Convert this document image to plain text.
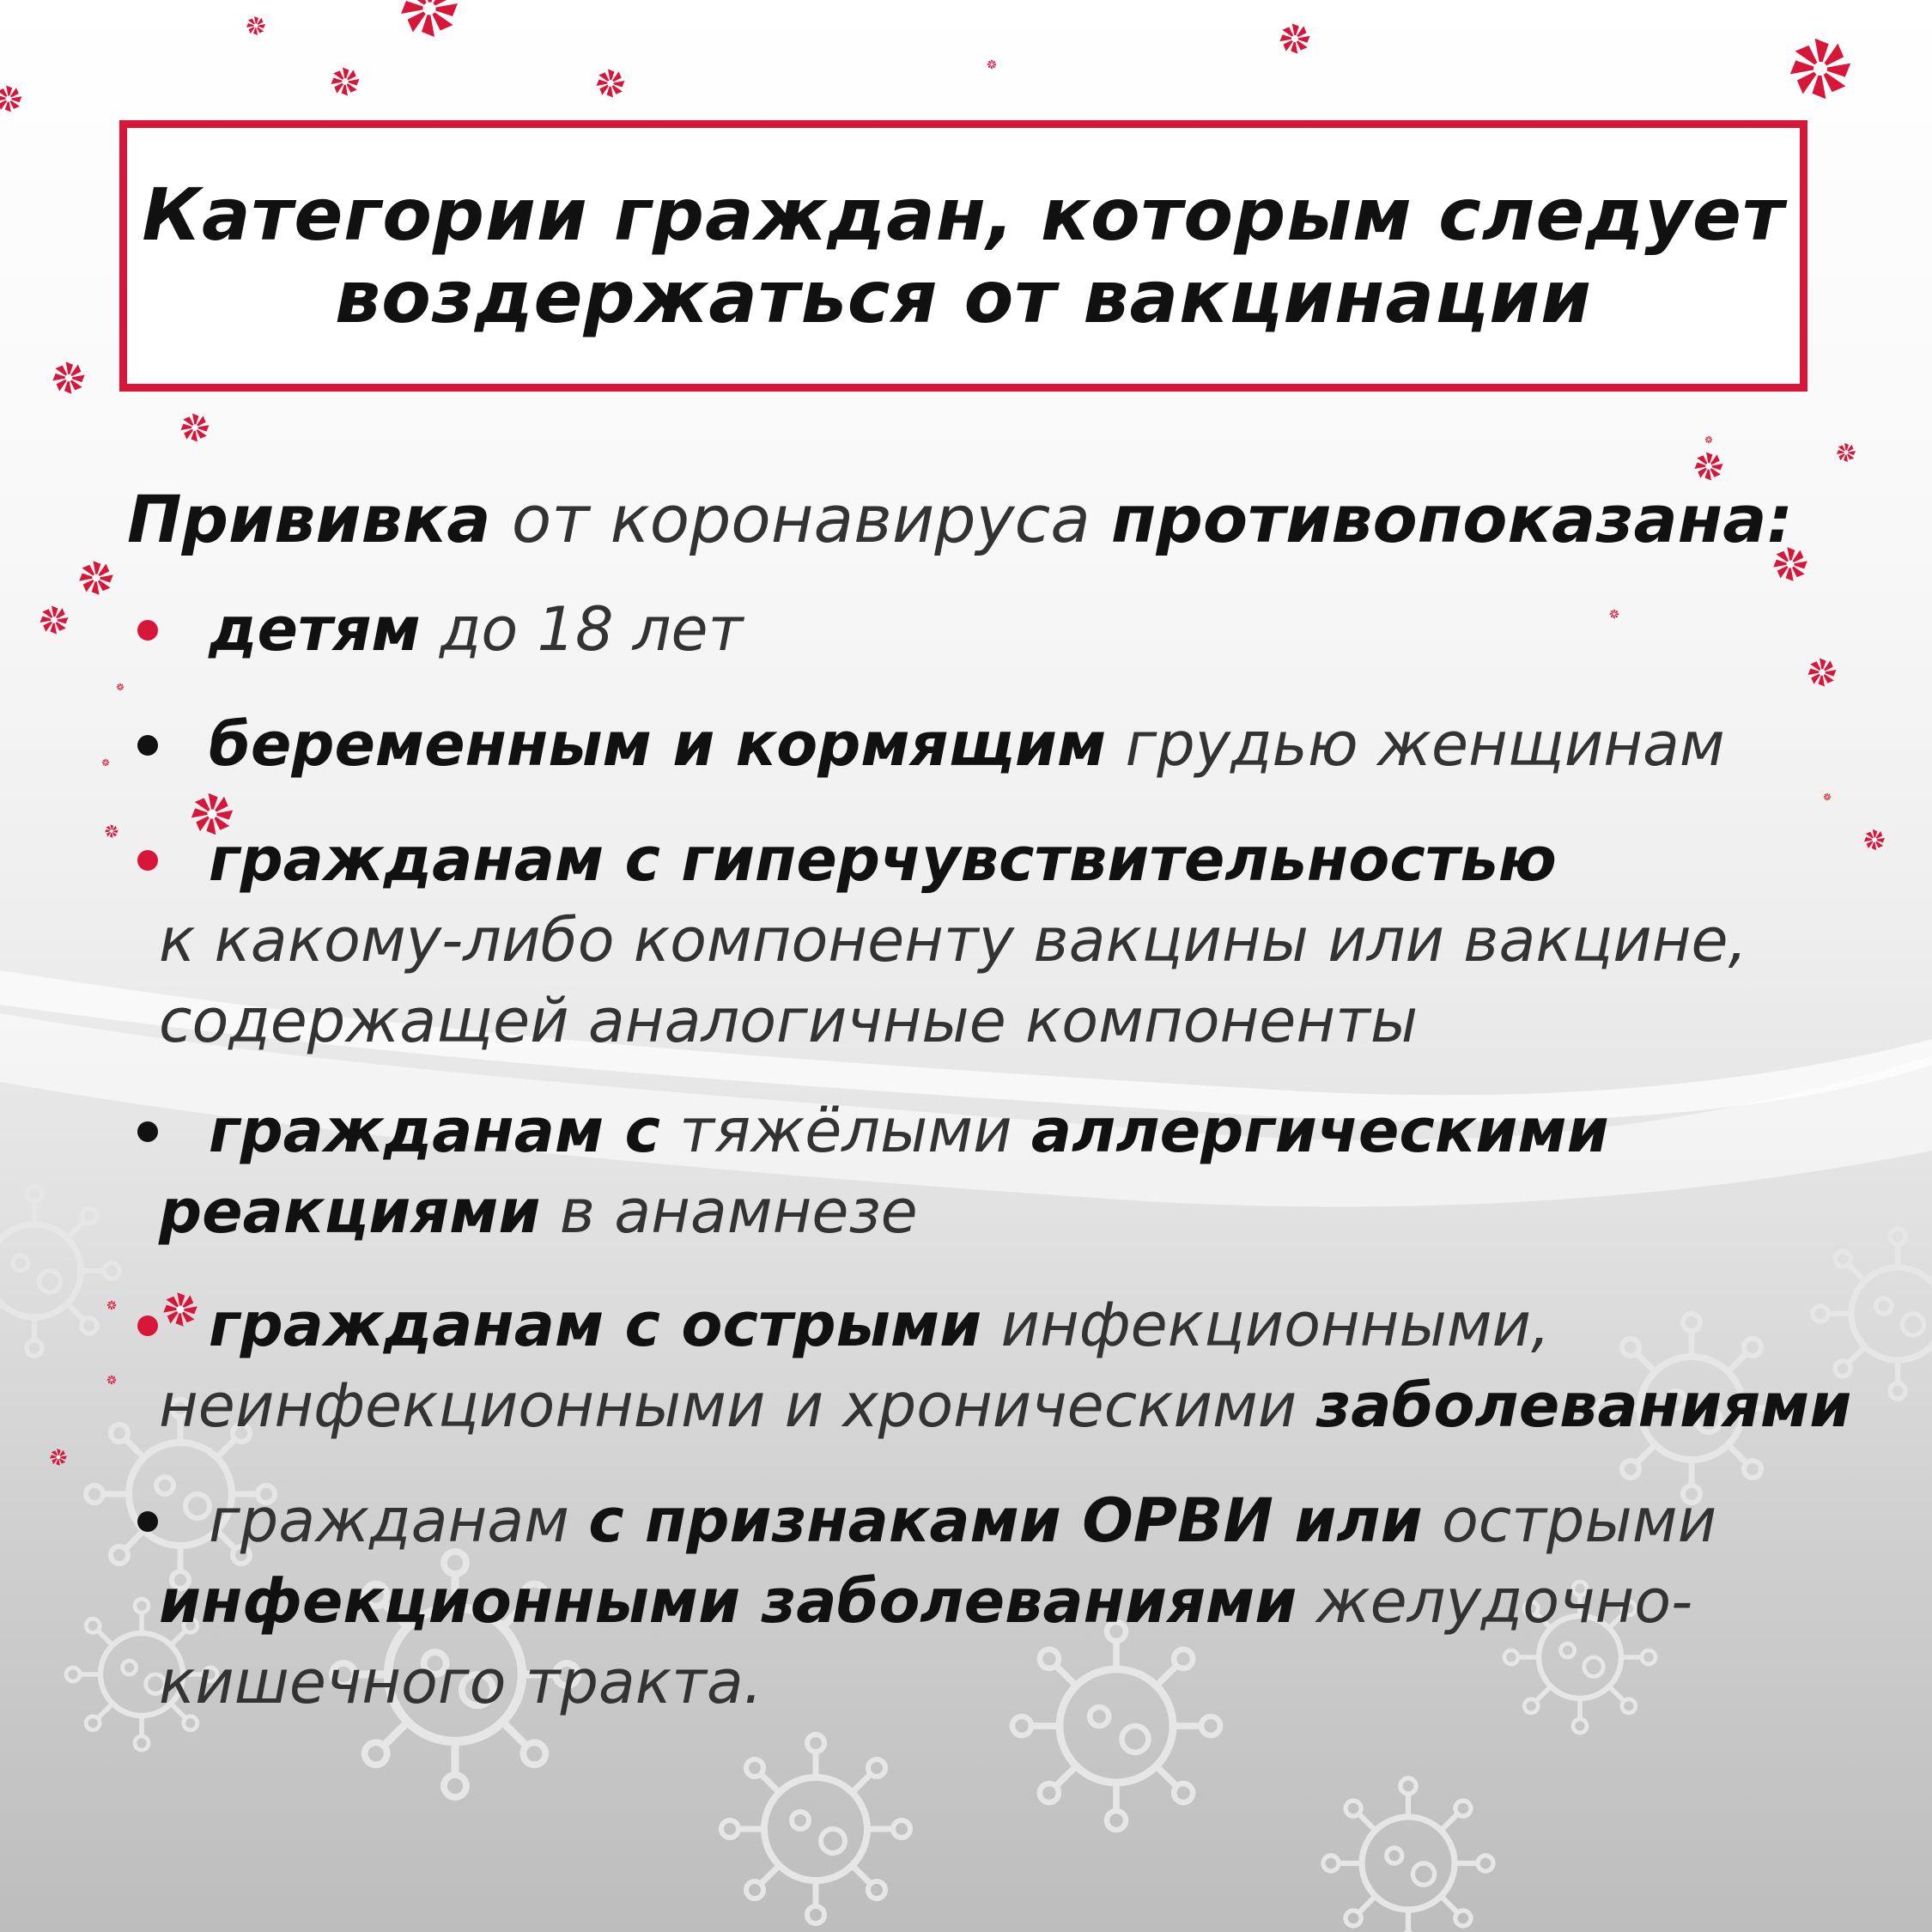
Категории граждан, которым следует
воздержаться от вакцинации
Прививка от коронавируса противопоказана:
детям до 18 лет
беременным и кормящим грудью женщинам
гражданам с гиперчувствительностью
к какому-либо компоненту вакцины или вакцине,
содержащей аналогичные компоненты
гражданам с тяжёлыми аллергическими
реакциями в анамнезе
гражданам с острыми инфекционными,
неинфекционными и хроническими заболеваниями
гражданам с признаками ОРВИ или острыми
инфекционными заболеваниями желудочно-
кишечного тракта.
